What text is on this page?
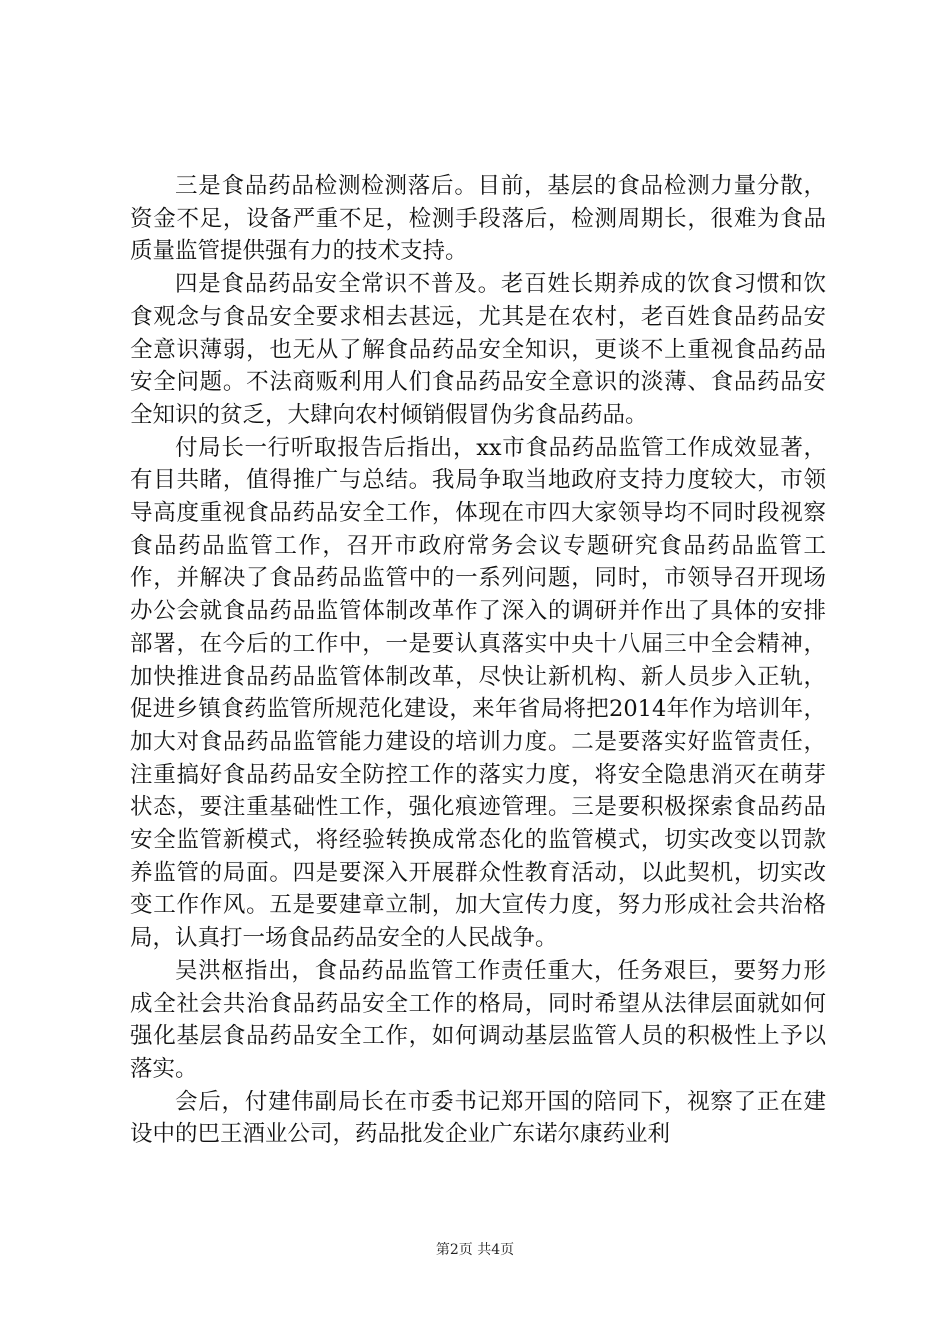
三是食品药品检测检测落后。目前，基层的食品检测力量分散，资金不足，设备严重不足，检测手段落后，检测周期长，很难为食品质量监管提供强有力的技术支持。

四是食品药品安全常识不普及。老百姓长期养成的饮食习惯和饮食观念与食品安全要求相去甚远，尤其是在农村，老百姓食品药品安全意识薄弱，也无从了解食品药品安全知识，更谈不上重视食品药品安全问题。不法商贩利用人们食品药品安全意识的淡薄、食品药品安全知识的贫乏，大肆向农村倾销假冒伪劣食品药品。

付局长一行听取报告后指出，xx市食品药品监管工作成效显著，有目共睹，值得推广与总结。我局争取当地政府支持力度较大，市领导高度重视食品药品安全工作，体现在市四大家领导均不同时段视察食品药品监管工作，召开市政府常务会议专题研究食品药品监管工作，并解决了食品药品监管中的一系列问题，同时，市领导召开现场办公会就食品药品监管体制改革作了深入的调研并作出了具体的安排部署，在今后的工作中，一是要认真落实中央十八届三中全会精神，加快推进食品药品监管体制改革，尽快让新机构、新人员步入正轨，促进乡镇食药监管所规范化建设，来年省局将把2014年作为培训年，加大对食品药品监管能力建设的培训力度。二是要落实好监管责任，注重搞好食品药品安全防控工作的落实力度，将安全隐患消灭在萌芽状态，要注重基础性工作，强化痕迹管理。三是要积极探索食品药品安全监管新模式，将经验转换成常态化的监管模式，切实改变以罚款养监管的局面。四是要深入开展群众性教育活动，以此契机，切实改变工作作风。五是要建章立制，加大宣传力度，努力形成社会共治格局，认真打一场食品药品安全的人民战争。

吴洪枢指出，食品药品监管工作责任重大，任务艰巨，要努力形成全社会共治食品药品安全工作的格局，同时希望从法律层面就如何强化基层食品药品安全工作，如何调动基层监管人员的积极性上予以落实。

会后，付建伟副局长在市委书记郑开国的陪同下，视察了正在建设中的巴王酒业公司，药品批发企业广东诺尔康药业利

第2页 共4页
